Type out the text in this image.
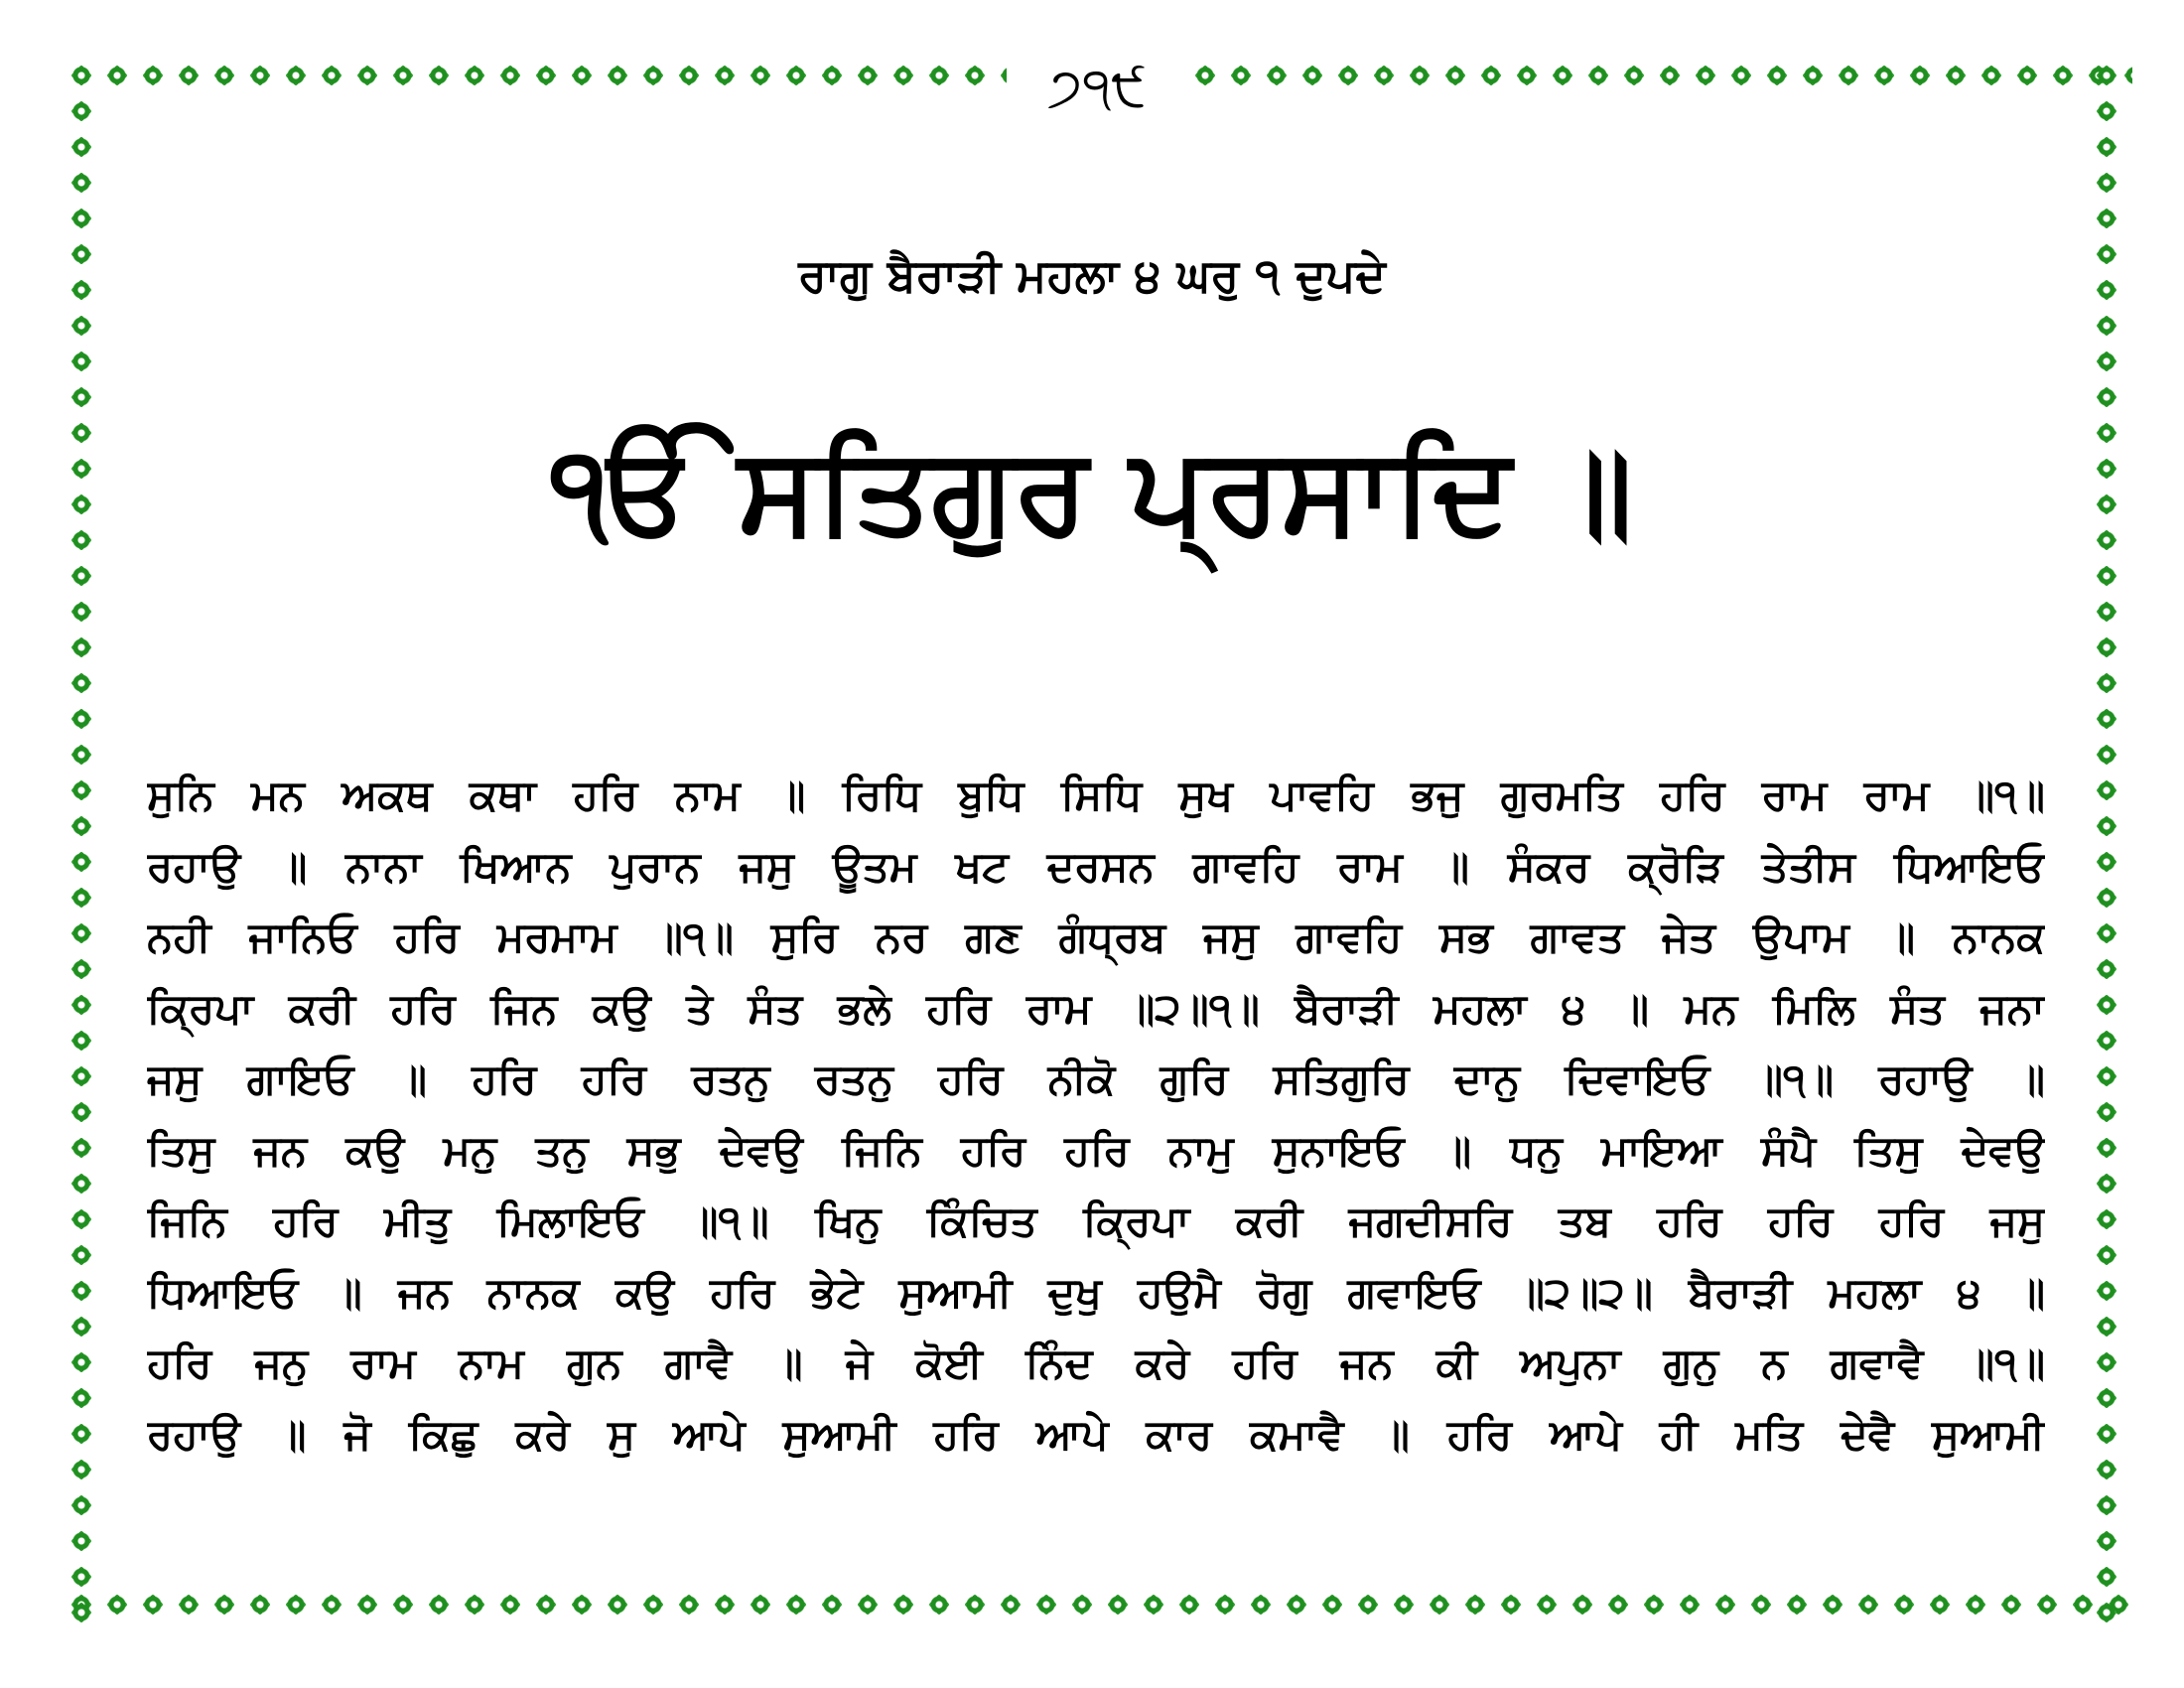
੭੧੯
ਰਾਗੁ ਬੈਰਾੜੀ ਮਹਲਾ ੪ ਘਰੁ ੧ ਦੁਪਦੇ
ੴ ਸਤਿਗੁਰ ਪ੍ਰਸਾਦਿ ॥
ਸੁਨਿ ਮਨ ਅਕਥ ਕਥਾ ਹਰਿ ਨਾਮ ॥ ਰਿਧਿ ਬੁਧਿ ਸਿਧਿ ਸੁਖ ਪਾਵਹਿ ਭਜੁ ਗੁਰਮਤਿ ਹਰਿ ਰਾਮ ਰਾਮ ॥੧॥
ਰਹਾਉ ॥ ਨਾਨਾ ਖਿਆਨ ਪੁਰਾਨ ਜਸੁ ਊਤਮ ਖਟ ਦਰਸਨ ਗਾਵਹਿ ਰਾਮ ॥ ਸੰਕਰ ਕ੍ਰੋੜਿ ਤੇਤੀਸ ਧਿਆਇਓ
ਨਹੀ ਜਾਨਿਓ ਹਰਿ ਮਰਮਾਮ ॥੧॥ ਸੁਰਿ ਨਰ ਗਣ ਗੰਧ੍ਰਬ ਜਸੁ ਗਾਵਹਿ ਸਭ ਗਾਵਤ ਜੇਤ ਉਪਾਮ ॥ ਨਾਨਕ
ਕ੍ਰਿਪਾ ਕਰੀ ਹਰਿ ਜਿਨ ਕਉ ਤੇ ਸੰਤ ਭਲੇ ਹਰਿ ਰਾਮ ॥੨॥੧॥ ਬੈਰਾੜੀ ਮਹਲਾ ੪ ॥ ਮਨ ਮਿਲਿ ਸੰਤ ਜਨਾ
ਜਸੁ ਗਾਇਓ ॥ ਹਰਿ ਹਰਿ ਰਤਨੁ ਰਤਨੁ ਹਰਿ ਨੀਕੋ ਗੁਰਿ ਸਤਿਗੁਰਿ ਦਾਨੁ ਦਿਵਾਇਓ ॥੧॥ ਰਹਾਉ ॥
ਤਿਸੁ ਜਨ ਕਉ ਮਨੁ ਤਨੁ ਸਭੁ ਦੇਵਉ ਜਿਨਿ ਹਰਿ ਹਰਿ ਨਾਮੁ ਸੁਨਾਇਓ ॥ ਧਨੁ ਮਾਇਆ ਸੰਪੈ ਤਿਸੁ ਦੇਵਉ
ਜਿਨਿ ਹਰਿ ਮੀਤੁ ਮਿਲਾਇਓ ॥੧॥ ਖਿਨੁ ਕਿੰਚਿਤ ਕ੍ਰਿਪਾ ਕਰੀ ਜਗਦੀਸਰਿ ਤਬ ਹਰਿ ਹਰਿ ਹਰਿ ਜਸੁ
ਧਿਆਇਓ ॥ ਜਨ ਨਾਨਕ ਕਉ ਹਰਿ ਭੇਟੇ ਸੁਆਮੀ ਦੁਖੁ ਹਉਮੈ ਰੋਗੁ ਗਵਾਇਓ ॥੨॥੨॥ ਬੈਰਾੜੀ ਮਹਲਾ ੪ ॥
ਹਰਿ ਜਨੁ ਰਾਮ ਨਾਮ ਗੁਨ ਗਾਵੈ ॥ ਜੇ ਕੋਈ ਨਿੰਦ ਕਰੇ ਹਰਿ ਜਨ ਕੀ ਅਪੁਨਾ ਗੁਨੁ ਨ ਗਵਾਵੈ ॥੧॥
ਰਹਾਉ ॥ ਜੋ ਕਿਛੁ ਕਰੇ ਸੁ ਆਪੇ ਸੁਆਮੀ ਹਰਿ ਆਪੇ ਕਾਰ ਕਮਾਵੈ ॥ ਹਰਿ ਆਪੇ ਹੀ ਮਤਿ ਦੇਵੈ ਸੁਆਮੀ
